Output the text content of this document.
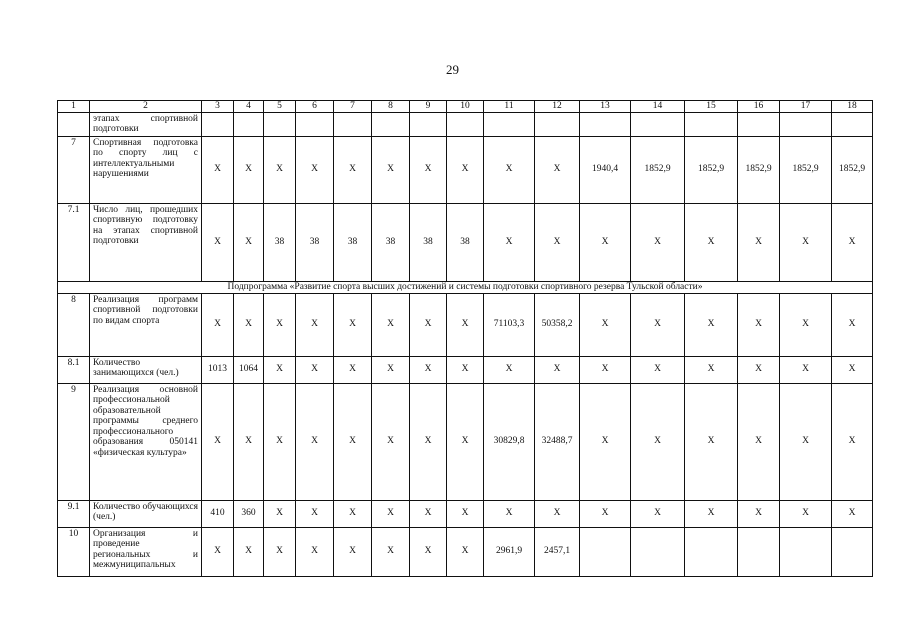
29
1	2	3	4	5	6	7	8	9	10	11	12	13	14	15	16	17	18
	этапах спортивной подготовки																
7	Спортивная подготовка по спорту лиц с интеллектуальными нарушениями	X	X	X	X	X	X	X	X	X	X	1940,4	1852,9	1852,9	1852,9	1852,9	1852,9
7.1	Число лиц, прошедших спортивную подготовку на этапах спортивной подготовки	X	X	38	38	38	38	38	38	X	X	X	X	X	X	X	X
Подпрограмма «Развитие спорта высших достижений и системы подготовки спортивного резерва Тульской области»																	
8	Реализация программ спортивной подготовки по видам спорта	X	X	X	X	X	X	X	X	71103,3	50358,2	X	X	X	X	X	X
8.1	Количество занимающихся (чел.)	1013	1064	X	X	X	X	X	X	X	X	X	X	X	X	X	X
9	Реализация основной профессиональной образовательной программы среднего профессионального образования 050141 «физическая культура»	X	X	X	X	X	X	X	X	30829,8	32488,7	X	X	X	X	X	X
9.1	Количество обучающихся (чел.)	410	360	X	X	X	X	X	X	X	X	X	X	X	X	X	X
10	Организация и проведение региональных и межмуниципальных	X	X	X	X	X	X	X	X	2961,9	2457,1						
